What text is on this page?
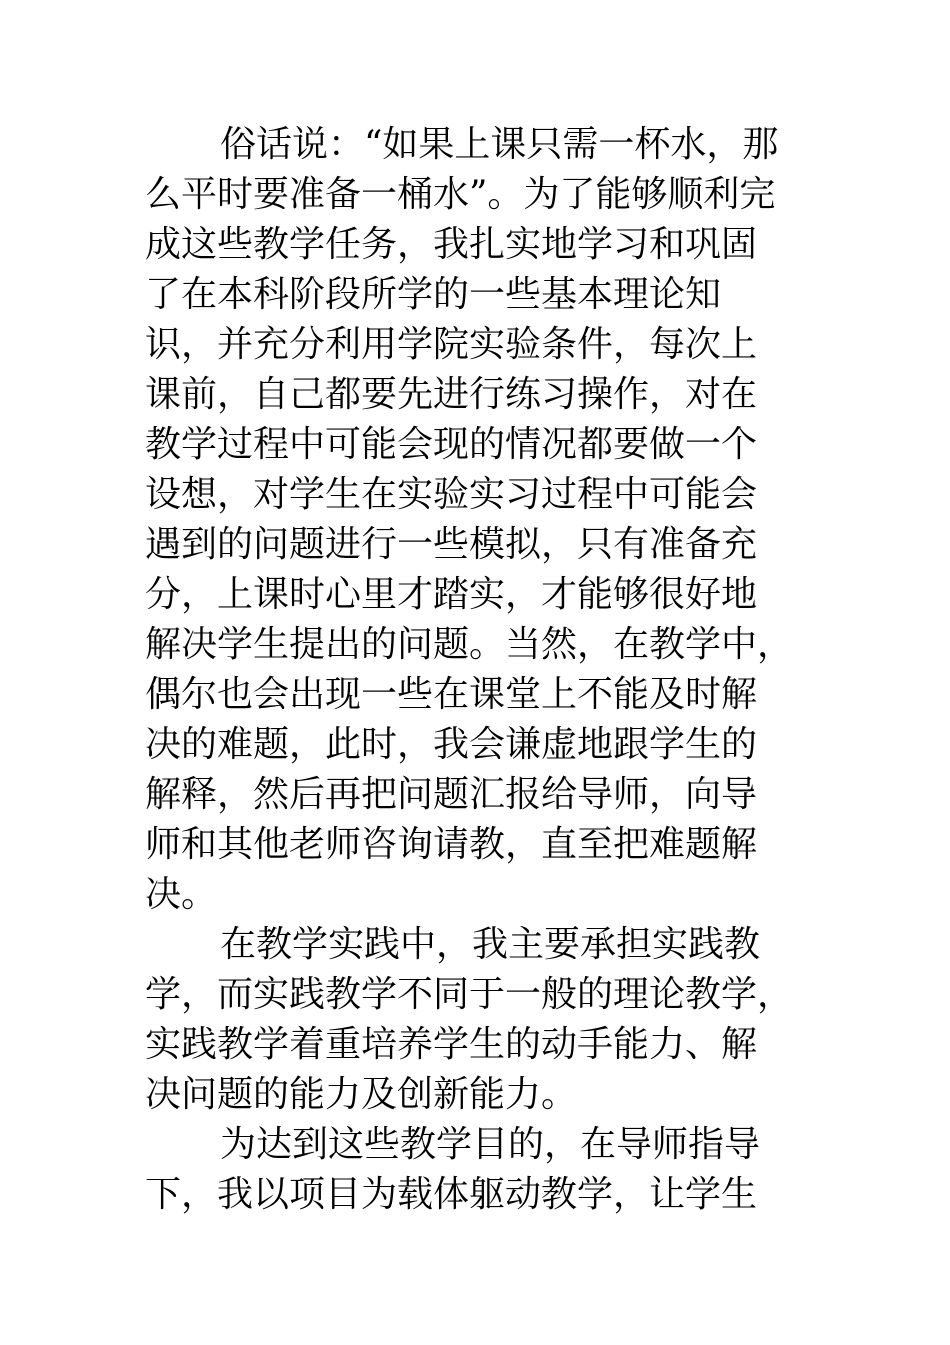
俗话说：“如果上课只需一杯水，那
么平时要准备一桶水”。为了能够顺利完
成这些教学任务，我扎实地学习和巩固
了在本科阶段所学的一些基本理论知
识，并充分利用学院实验条件，每次上
课前，自己都要先进行练习操作，对在
教学过程中可能会现的情况都要做一个
设想，对学生在实验实习过程中可能会
遇到的问题进行一些模拟，只有准备充
分，上课时心里才踏实，才能够很好地
解决学生提出的问题。当然，在教学中，
偶尔也会出现一些在课堂上不能及时解
决的难题，此时，我会谦虚地跟学生的
解释，然后再把问题汇报给导师，向导
师和其他老师咨询请教，直至把难题解
决。
在教学实践中，我主要承担实践教
学，而实践教学不同于一般的理论教学，
实践教学着重培养学生的动手能力、解
决问题的能力及创新能力。
为达到这些教学目的，在导师指导
下，我以项目为载体躯动教学，让学生
